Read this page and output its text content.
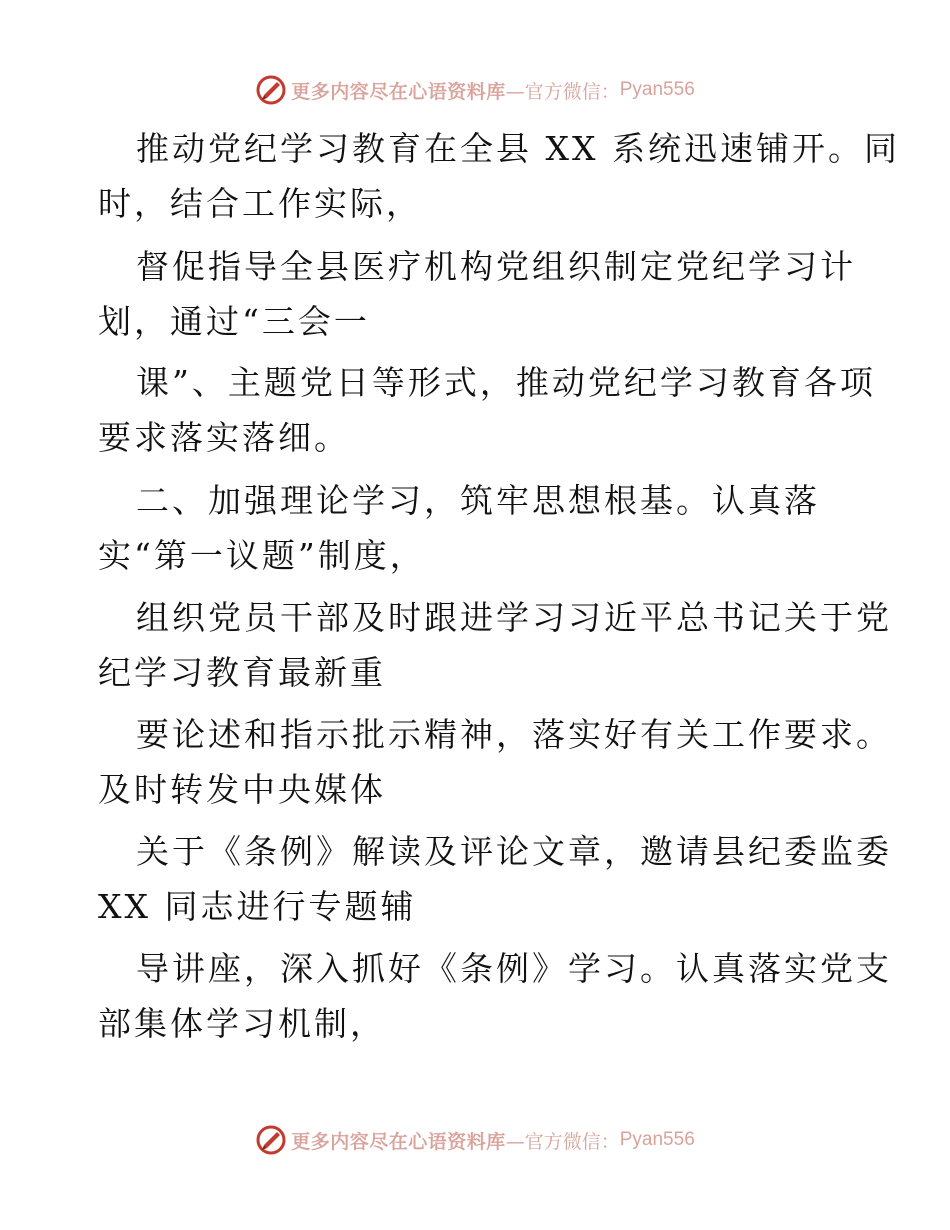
更多内容尽在心语资料库 —官方微信： Pyan556
推动党纪学习教育在全县 XX 系统迅速铺开。同
时，结合工作实际，
督促指导全县医疗机构党组织制定党纪学习计
划，通过“三会一
课”、主题党日等形式，推动党纪学习教育各项
要求落实落细。
二、加强理论学习，筑牢思想根基。认真落
实“第一议题”制度，
组织党员干部及时跟进学习习近平总书记关于党
纪学习教育最新重
要论述和指示批示精神，落实好有关工作要求。
及时转发中央媒体
关于《条例》解读及评论文章，邀请县纪委监委
XX 同志进行专题辅
导讲座，深入抓好《条例》学习。认真落实党支
部集体学习机制，
更多内容尽在心语资料库 —官方微信： Pyan556
